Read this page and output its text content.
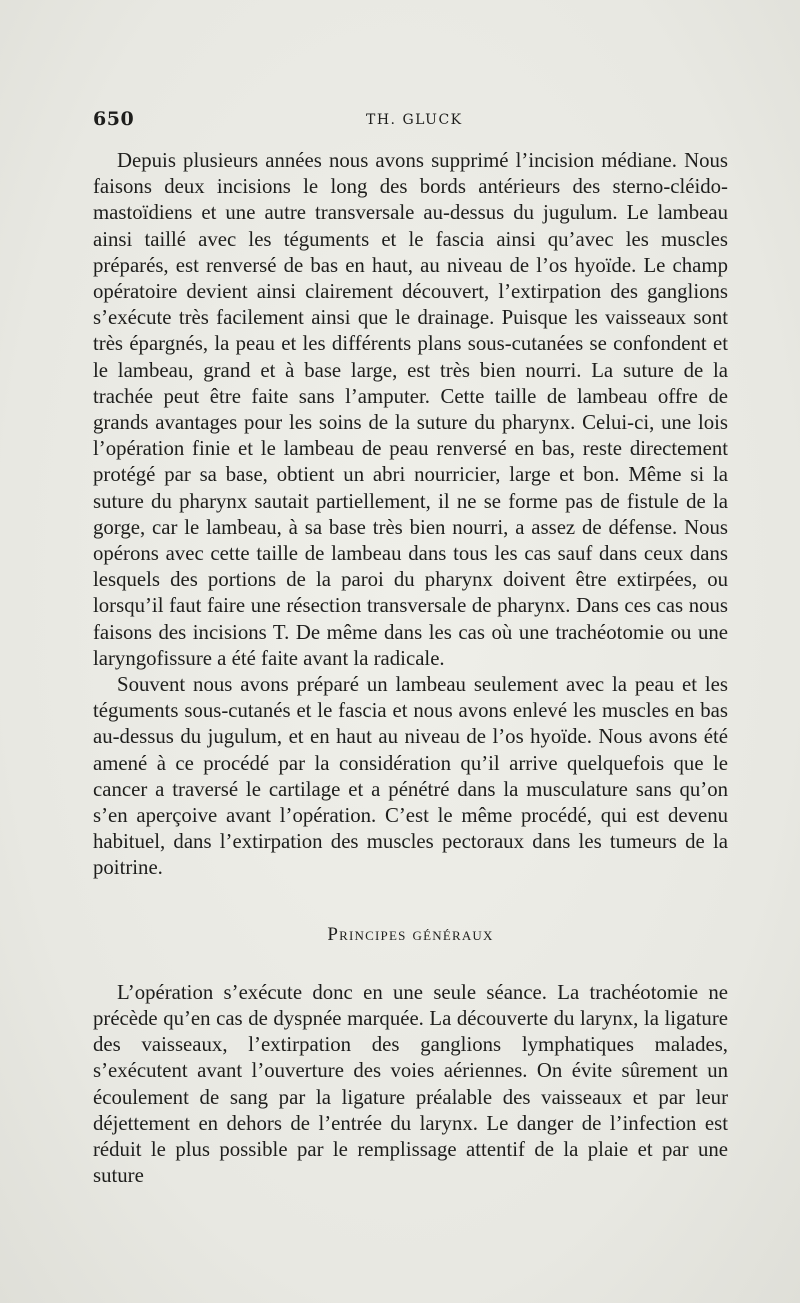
650	TH. GLUCK

Depuis plusieurs années nous avons supprimé l’incision médiane. Nous faisons deux incisions le long des bords antérieurs des sterno-cléido-mastoïdiens et une autre transversale au-dessus du jugulum. Le lambeau ainsi taillé avec les téguments et le fascia ainsi qu’avec les muscles préparés, est renversé de bas en haut, au niveau de l’os hyoïde. Le champ opératoire devient ainsi clairement découvert, l’extirpation des ganglions s’exécute très facilement ainsi que le drainage. Puisque les vaisseaux sont très épargnés, la peau et les différents plans sous-cutanées se confondent et le lambeau, grand et à base large, est très bien nourri. La suture de la trachée peut être faite sans l’amputer. Cette taille de lambeau offre de grands avantages pour les soins de la suture du pharynx. Celui-ci, une lois l’opération finie et le lambeau de peau renversé en bas, reste directement protégé par sa base, obtient un abri nourricier, large et bon. Même si la suture du pharynx sautait partiellement, il ne se forme pas de fistule de la gorge, car le lambeau, à sa base très bien nourri, a assez de défense. Nous opérons avec cette taille de lambeau dans tous les cas sauf dans ceux dans lesquels des portions de la paroi du pharynx doivent être extirpées, ou lorsqu’il faut faire une résection transversale de pharynx. Dans ces cas nous faisons des incisions T. De même dans les cas où une trachéotomie ou une laryngofissure a été faite avant la radicale.

Souvent nous avons préparé un lambeau seulement avec la peau et les téguments sous-cutanés et le fascia et nous avons enlevé les muscles en bas au-dessus du jugulum, et en haut au niveau de l’os hyoïde. Nous avons été amené à ce procédé par la considération qu’il arrive quelquefois que le cancer a traversé le cartilage et a pénétré dans la musculature sans qu’on s’en aperçoive avant l’opération. C’est le même procédé, qui est devenu habituel, dans l’extirpation des muscles pectoraux dans les tumeurs de la poitrine.

Principes généraux

L’opération s’exécute donc en une seule séance. La trachéotomie ne précède qu’en cas de dyspnée marquée. La découverte du larynx, la ligature des vaisseaux, l’extirpation des ganglions lymphatiques malades, s’exécutent avant l’ouverture des voies aériennes. On évite sûrement un écoulement de sang par la ligature préalable des vaisseaux et par leur déjettement en dehors de l’entrée du larynx. Le danger de l’infection est réduit le plus possible par le remplissage attentif de la plaie et par une suture
